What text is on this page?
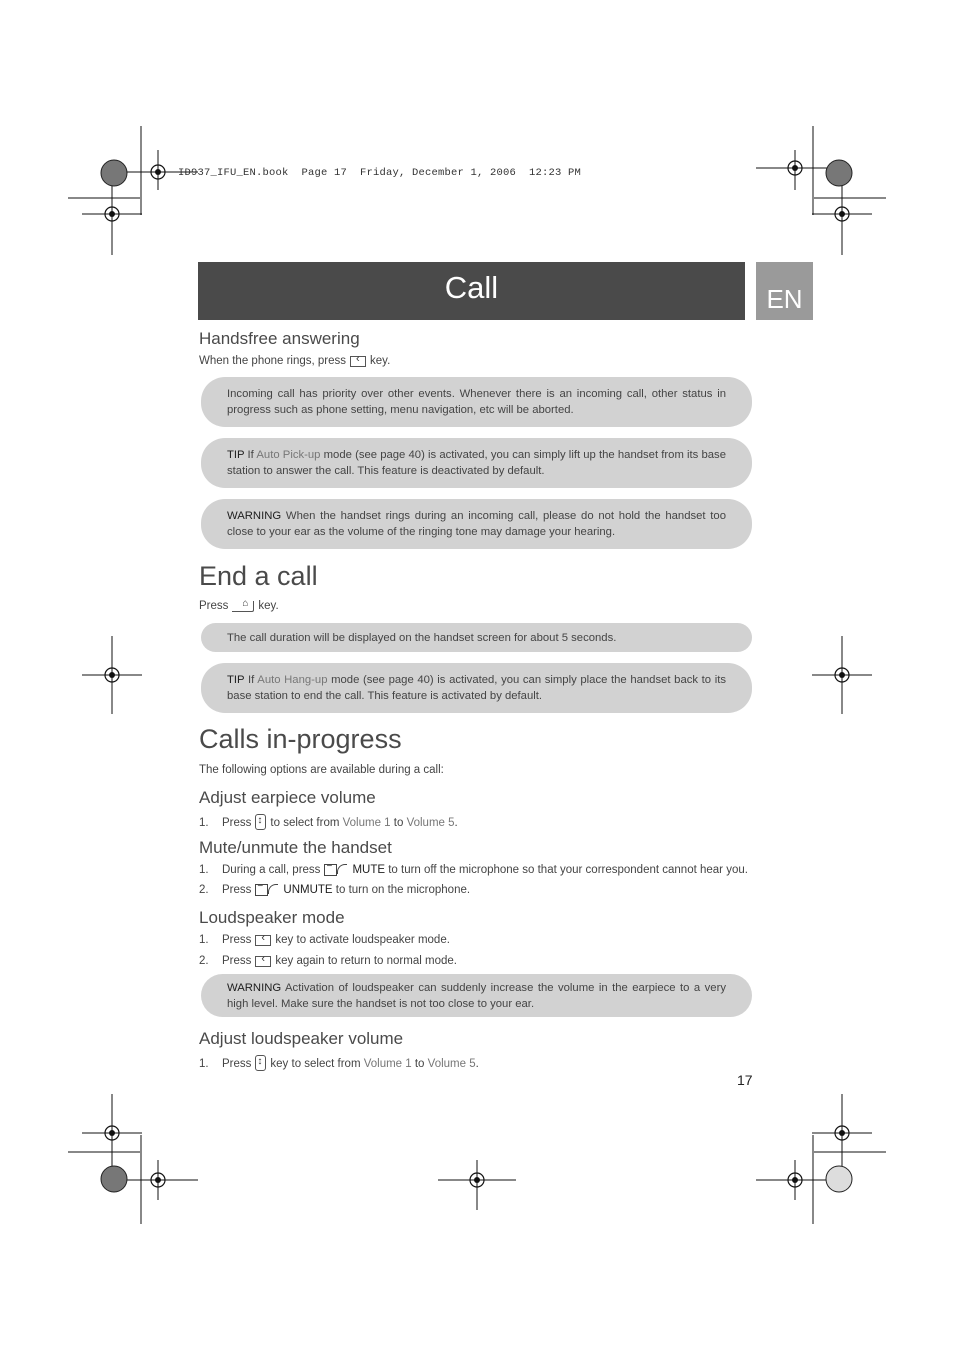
ID937_IFU_EN.book  Page 17  Friday, December 1, 2006  12:23 PM
Call	EN
Handsfree answering
When the phone rings, press ‹ key.
Incoming call has priority over other events. Whenever there is an incoming call, other status in progress such as phone setting, menu navigation, etc will be aborted.
TIP If Auto Pick-up mode (see page 40) is activated, you can simply lift up the handset from its base station to answer the call. This feature is deactivated by default.
WARNING When the handset rings during an incoming call, please do not hold the handset too close to your ear as the volume of the ringing tone may damage your hearing.
End a call
Press ⌂	key.
The call duration will be displayed on the handset screen for about 5 seconds.
TIP If Auto Hang-up mode (see page 40) is activated, you can simply place the handset back to its base station to end the call. This feature is activated by default.
Calls in-progress
The following options are available during a call:
Adjust earpiece volume
1. Press ↕ to select from Volume 1 to Volume 5.
Mute/unmute the handset
1. During a call, press −	MUTE to turn off the microphone so that your correspondent cannot hear you.
2. Press −	UNMUTE to turn on the microphone.
Loudspeaker mode
1. Press ‹ key to activate loudspeaker mode.
2. Press ‹ key again to return to normal mode.
WARNING Activation of loudspeaker can suddenly increase the volume in the earpiece to a very high level. Make sure the handset is not too close to your ear.
Adjust loudspeaker volume
1. Press ↕ key to select from Volume 1 to Volume 5.
17
